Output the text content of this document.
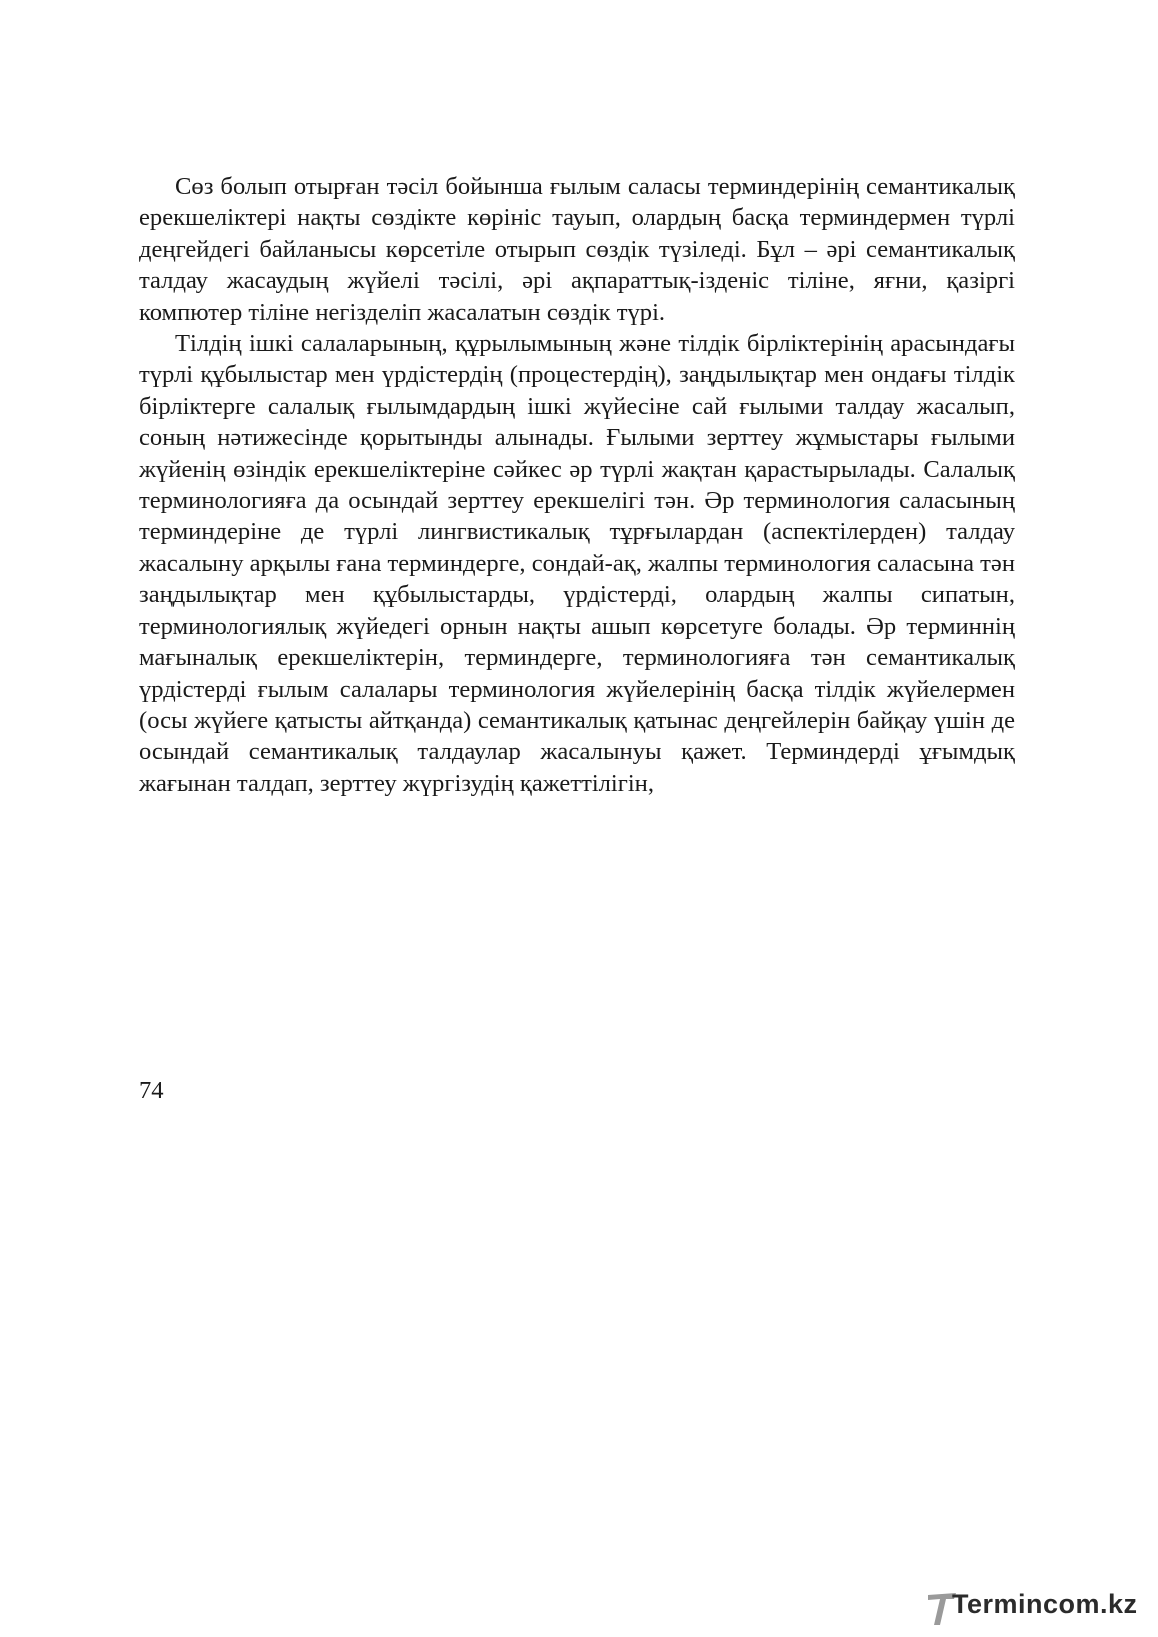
Сөз болып отырған тәсіл бойынша ғылым саласы терминдерінің семантикалық ерекшеліктері нақты сөздікте көрініс тауып, олардың басқа терминдермен түрлі деңгейдегі байланысы көрсетіле отырып сөздік түзіледі. Бұл – әрі семантикалық талдау жасаудың жүйелі тәсілі, әрі ақпараттық-ізденіс тіліне, яғни, қазіргі компютер тіліне негізделіп жасалатын сөздік түрі.

Тілдің ішкі салаларының, құрылымының және тілдік бірліктерінің арасындағы түрлі құбылыстар мен үрдістердің (процестердің), заңдылықтар мен ондағы тілдік бірліктерге салалық ғылымдардың ішкі жүйесіне сай ғылыми талдау жасалып, соның нәтижесінде қорытынды алынады. Ғылыми зерттеу жұмыстары ғылыми жүйенің өзіндік ерекшеліктеріне сәйкес әр түрлі жақтан қарастырылады. Салалық терминологияға да осындай зерттеу ерекшелігі тән. Әр терминология саласының терминдеріне де түрлі лингвистикалық тұрғылардан (аспектілерден) талдау жасалыну арқылы ғана терминдерге, сондай-ақ, жалпы терминология саласына тән заңдылықтар мен құбылыстарды, үрдістерді, олардың жалпы сипатын, терминологиялық жүйедегі орнын нақты ашып көрсетуге болады. Әр терминнің мағыналық ерекшеліктерін, терминдерге, терминологияға тән семантикалық үрдістерді ғылым салалары терминология жүйелерінің басқа тілдік жүйелермен (осы жүйеге қатысты айтқанда) семантикалық қатынас деңгейлерін байқау үшін де осындай семантикалық талдаулар жасалынуы қажет. Терминдерді ұғымдық жағынан талдап, зерттеу жүргізудің қажеттілігін,

74
Termincom.kz
